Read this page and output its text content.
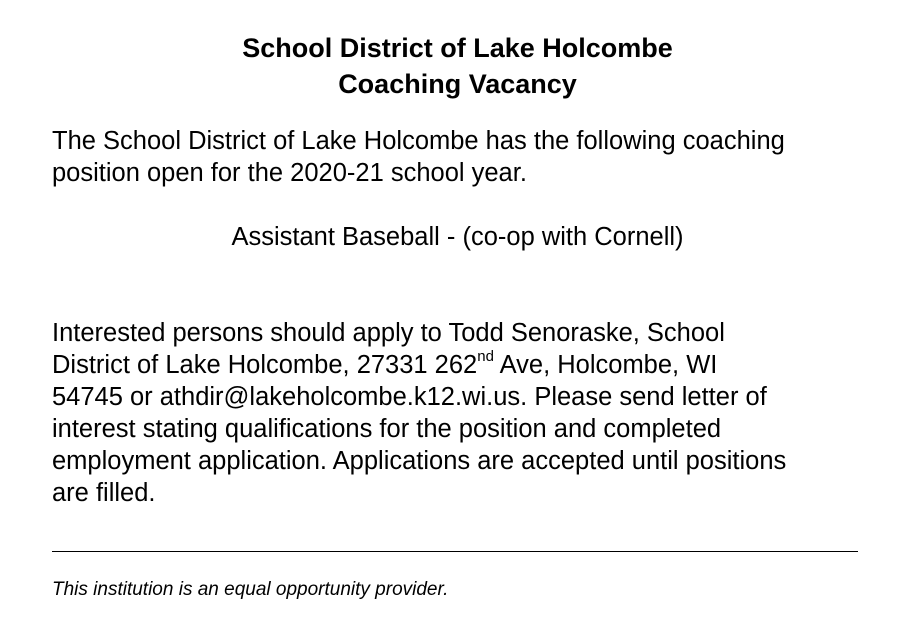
School District of Lake Holcombe
Coaching Vacancy
The School District of Lake Holcombe has the following coaching
position open for the 2020-21 school year.
Assistant Baseball - (co-op with Cornell)
Interested persons should apply to Todd Senoraske, School
District of Lake Holcombe, 27331 262nd Ave, Holcombe, WI
54745 or athdir@lakeholcombe.k12.wi.us. Please send letter of
interest stating qualifications for the position and completed
employment application. Applications are accepted until positions
are filled.
This institution is an equal opportunity provider.
